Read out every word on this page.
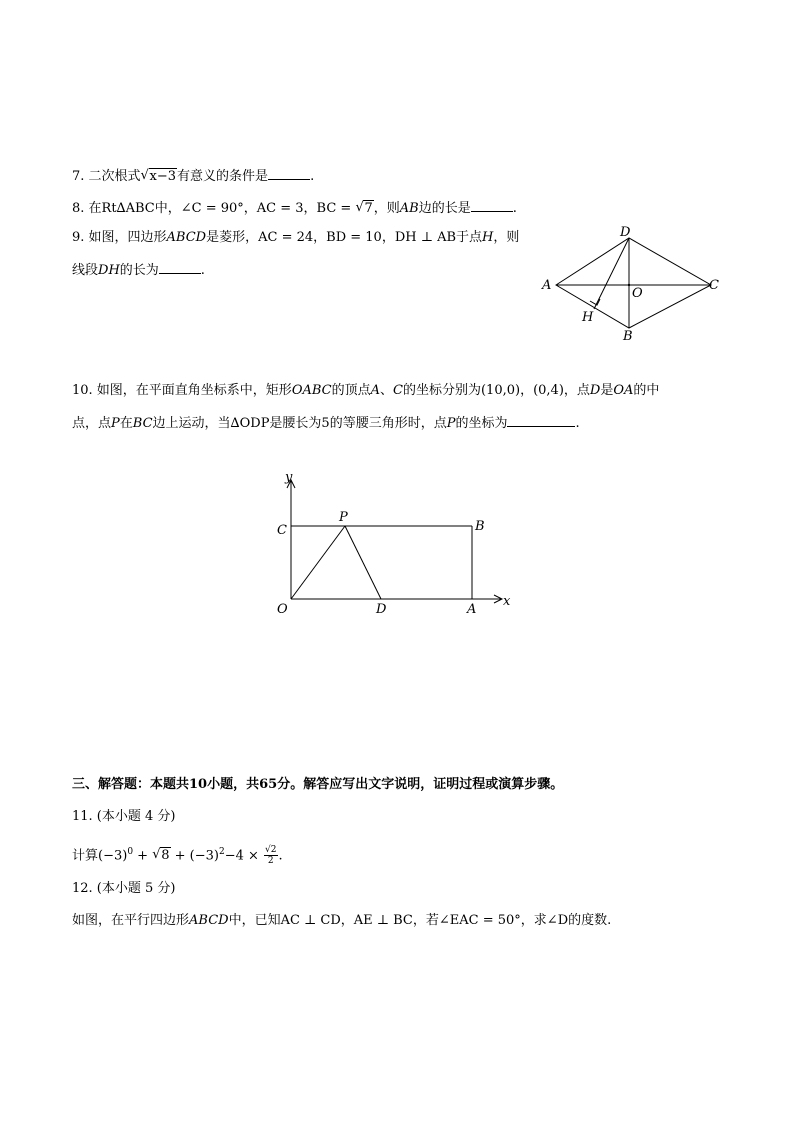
7. 二次根式 √ x−3有意义的条件是	.
8. 在Rt∆ABC中，∠C = 90°，AC = 3，BC = √ 7，则AB边的长是	.
9. 如图，四边形ABCD是菱形，AC = 24，BD = 10，DH ⊥ AB于点H，则
线段DH的长为	.
D
A
O
C
H
B
10. 如图，在平面直角坐标系中，矩形OABC的顶点A、C的坐标分别为(10,0)，(0,4)，点D是OA的中
点，点P在BC边上运动，当∆ODP是腰长为5的等腰三角形时，点P的坐标为	.
y
x
C
P
B
O	D	A
三、解答题：本题共10小题，共65分。解答应写出文字说明，证明过程或演算步骤。
11. (本小题 4 分)
计算$(-3)^0$ + √ $8 + (-3)^2-4 \times \frac{√2}{2}$ .
12. (本小题 5 分)
如图，在平行四边形ABCD中，已知AC ⊥ CD，AE ⊥ BC，若∠EAC = 50°，求∠D的度数.
